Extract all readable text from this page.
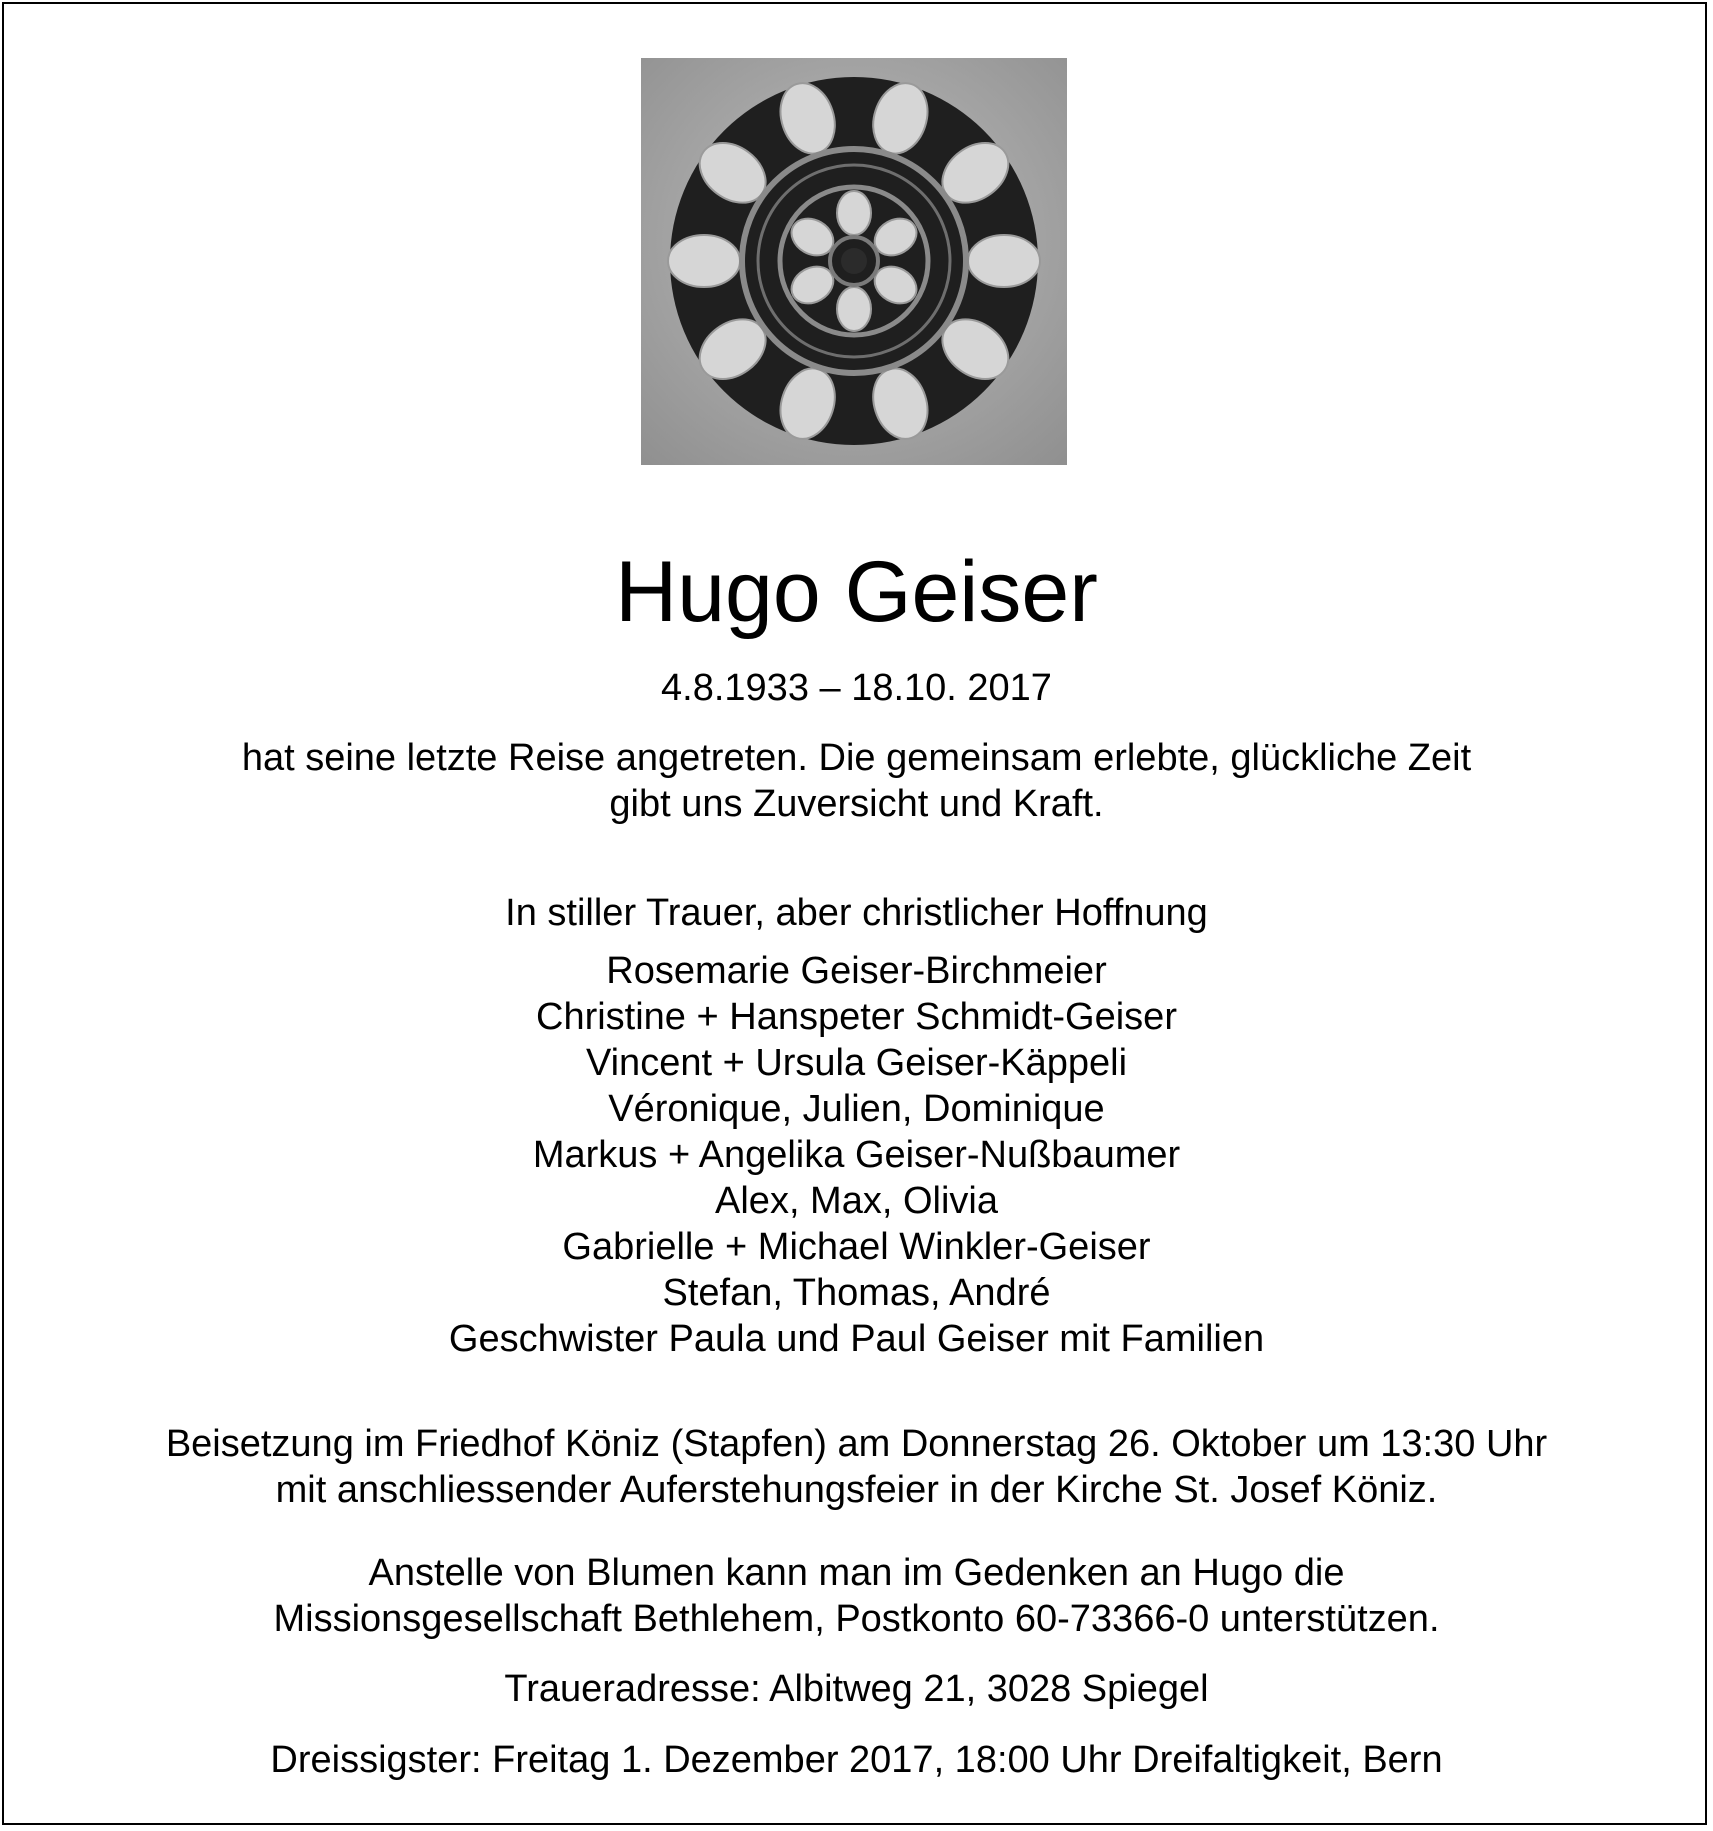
Hugo Geiser
4.8.1933 – 18.10. 2017
hat seine letzte Reise angetreten. Die gemeinsam erlebte, glückliche Zeit
gibt uns Zuversicht und Kraft.
In stiller Trauer, aber christlicher Hoffnung
Rosemarie Geiser-Birchmeier
Christine + Hanspeter Schmidt-Geiser
Vincent + Ursula Geiser-Käppeli
Véronique, Julien, Dominique
Markus + Angelika Geiser-Nußbaumer
Alex, Max, Olivia
Gabrielle + Michael Winkler-Geiser
Stefan, Thomas, André
Geschwister Paula und Paul Geiser mit Familien
Beisetzung im Friedhof Köniz (Stapfen) am Donnerstag 26. Oktober um 13:30 Uhr
mit anschliessender Auferstehungsfeier in der Kirche St. Josef Köniz.
Anstelle von Blumen kann man im Gedenken an Hugo die
Missionsgesellschaft Bethlehem, Postkonto 60-73366-0 unterstützen.
Traueradresse: Albitweg 21, 3028 Spiegel
Dreissigster: Freitag 1. Dezember 2017, 18:00 Uhr Dreifaltigkeit, Bern
